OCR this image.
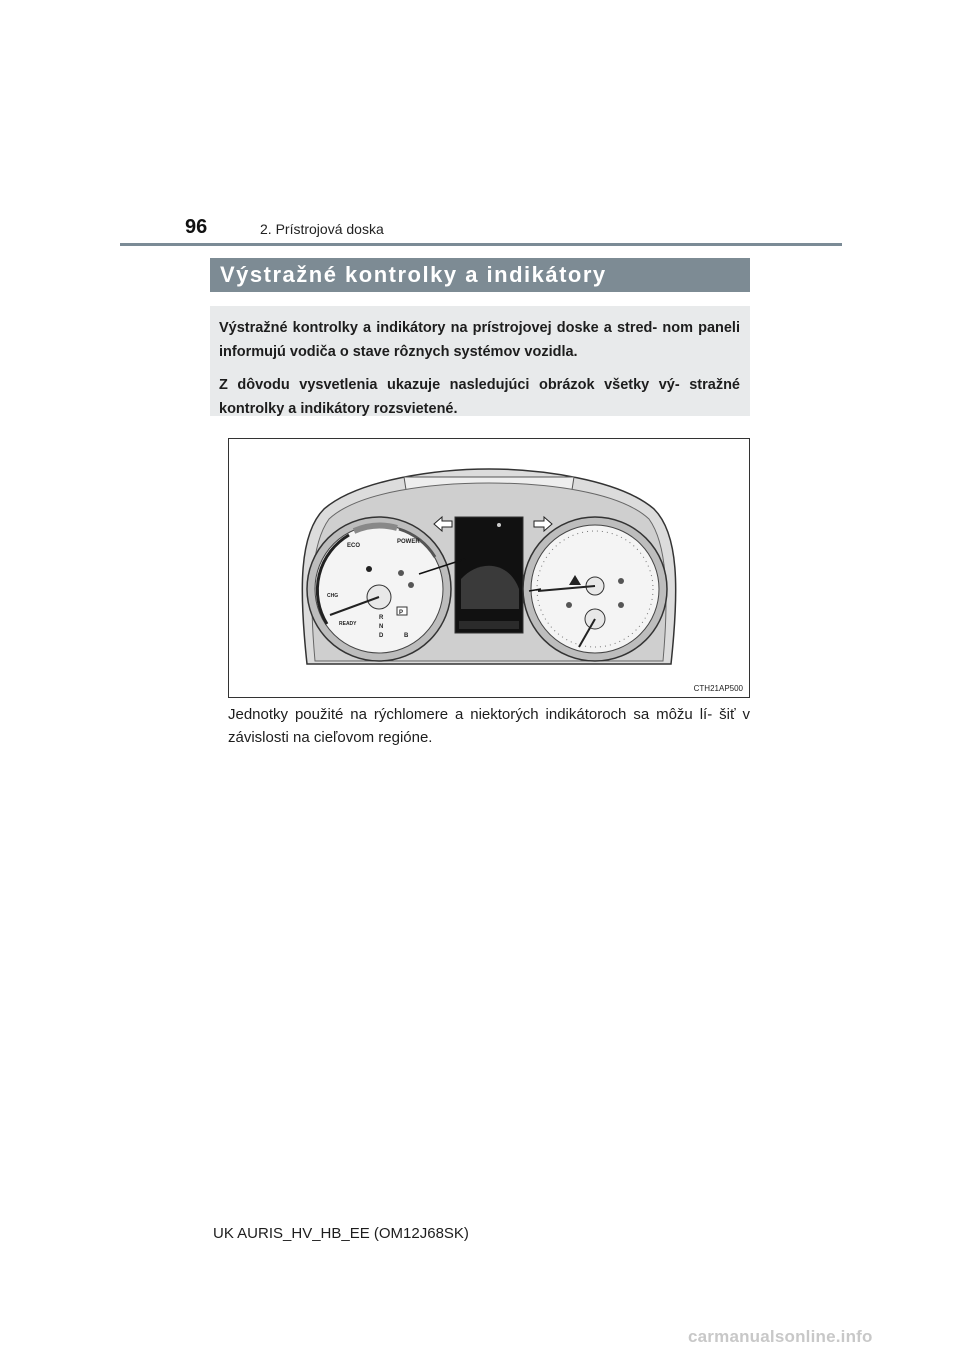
96	2. Prístrojová doska
Výstražné kontrolky a indikátory

Výstražné kontrolky a indikátory na prístrojovej doske a stred- nom paneli informujú vodiča o stave rôznych systémov vozidla.

Z dôvodu vysvetlenia ukazuje nasledujúci obrázok všetky vý- stražné kontrolky a indikátory rozsvietené.

ECO
POWER
CHG
READY
P
R
N
D	B
CTH21AP500
Jednotky použité na rýchlomere a niektorých indikátoroch sa môžu lí- šiť v závislosti na cieľovom regióne.
UK AURIS_HV_HB_EE (OM12J68SK)
carmanualsonline.info
